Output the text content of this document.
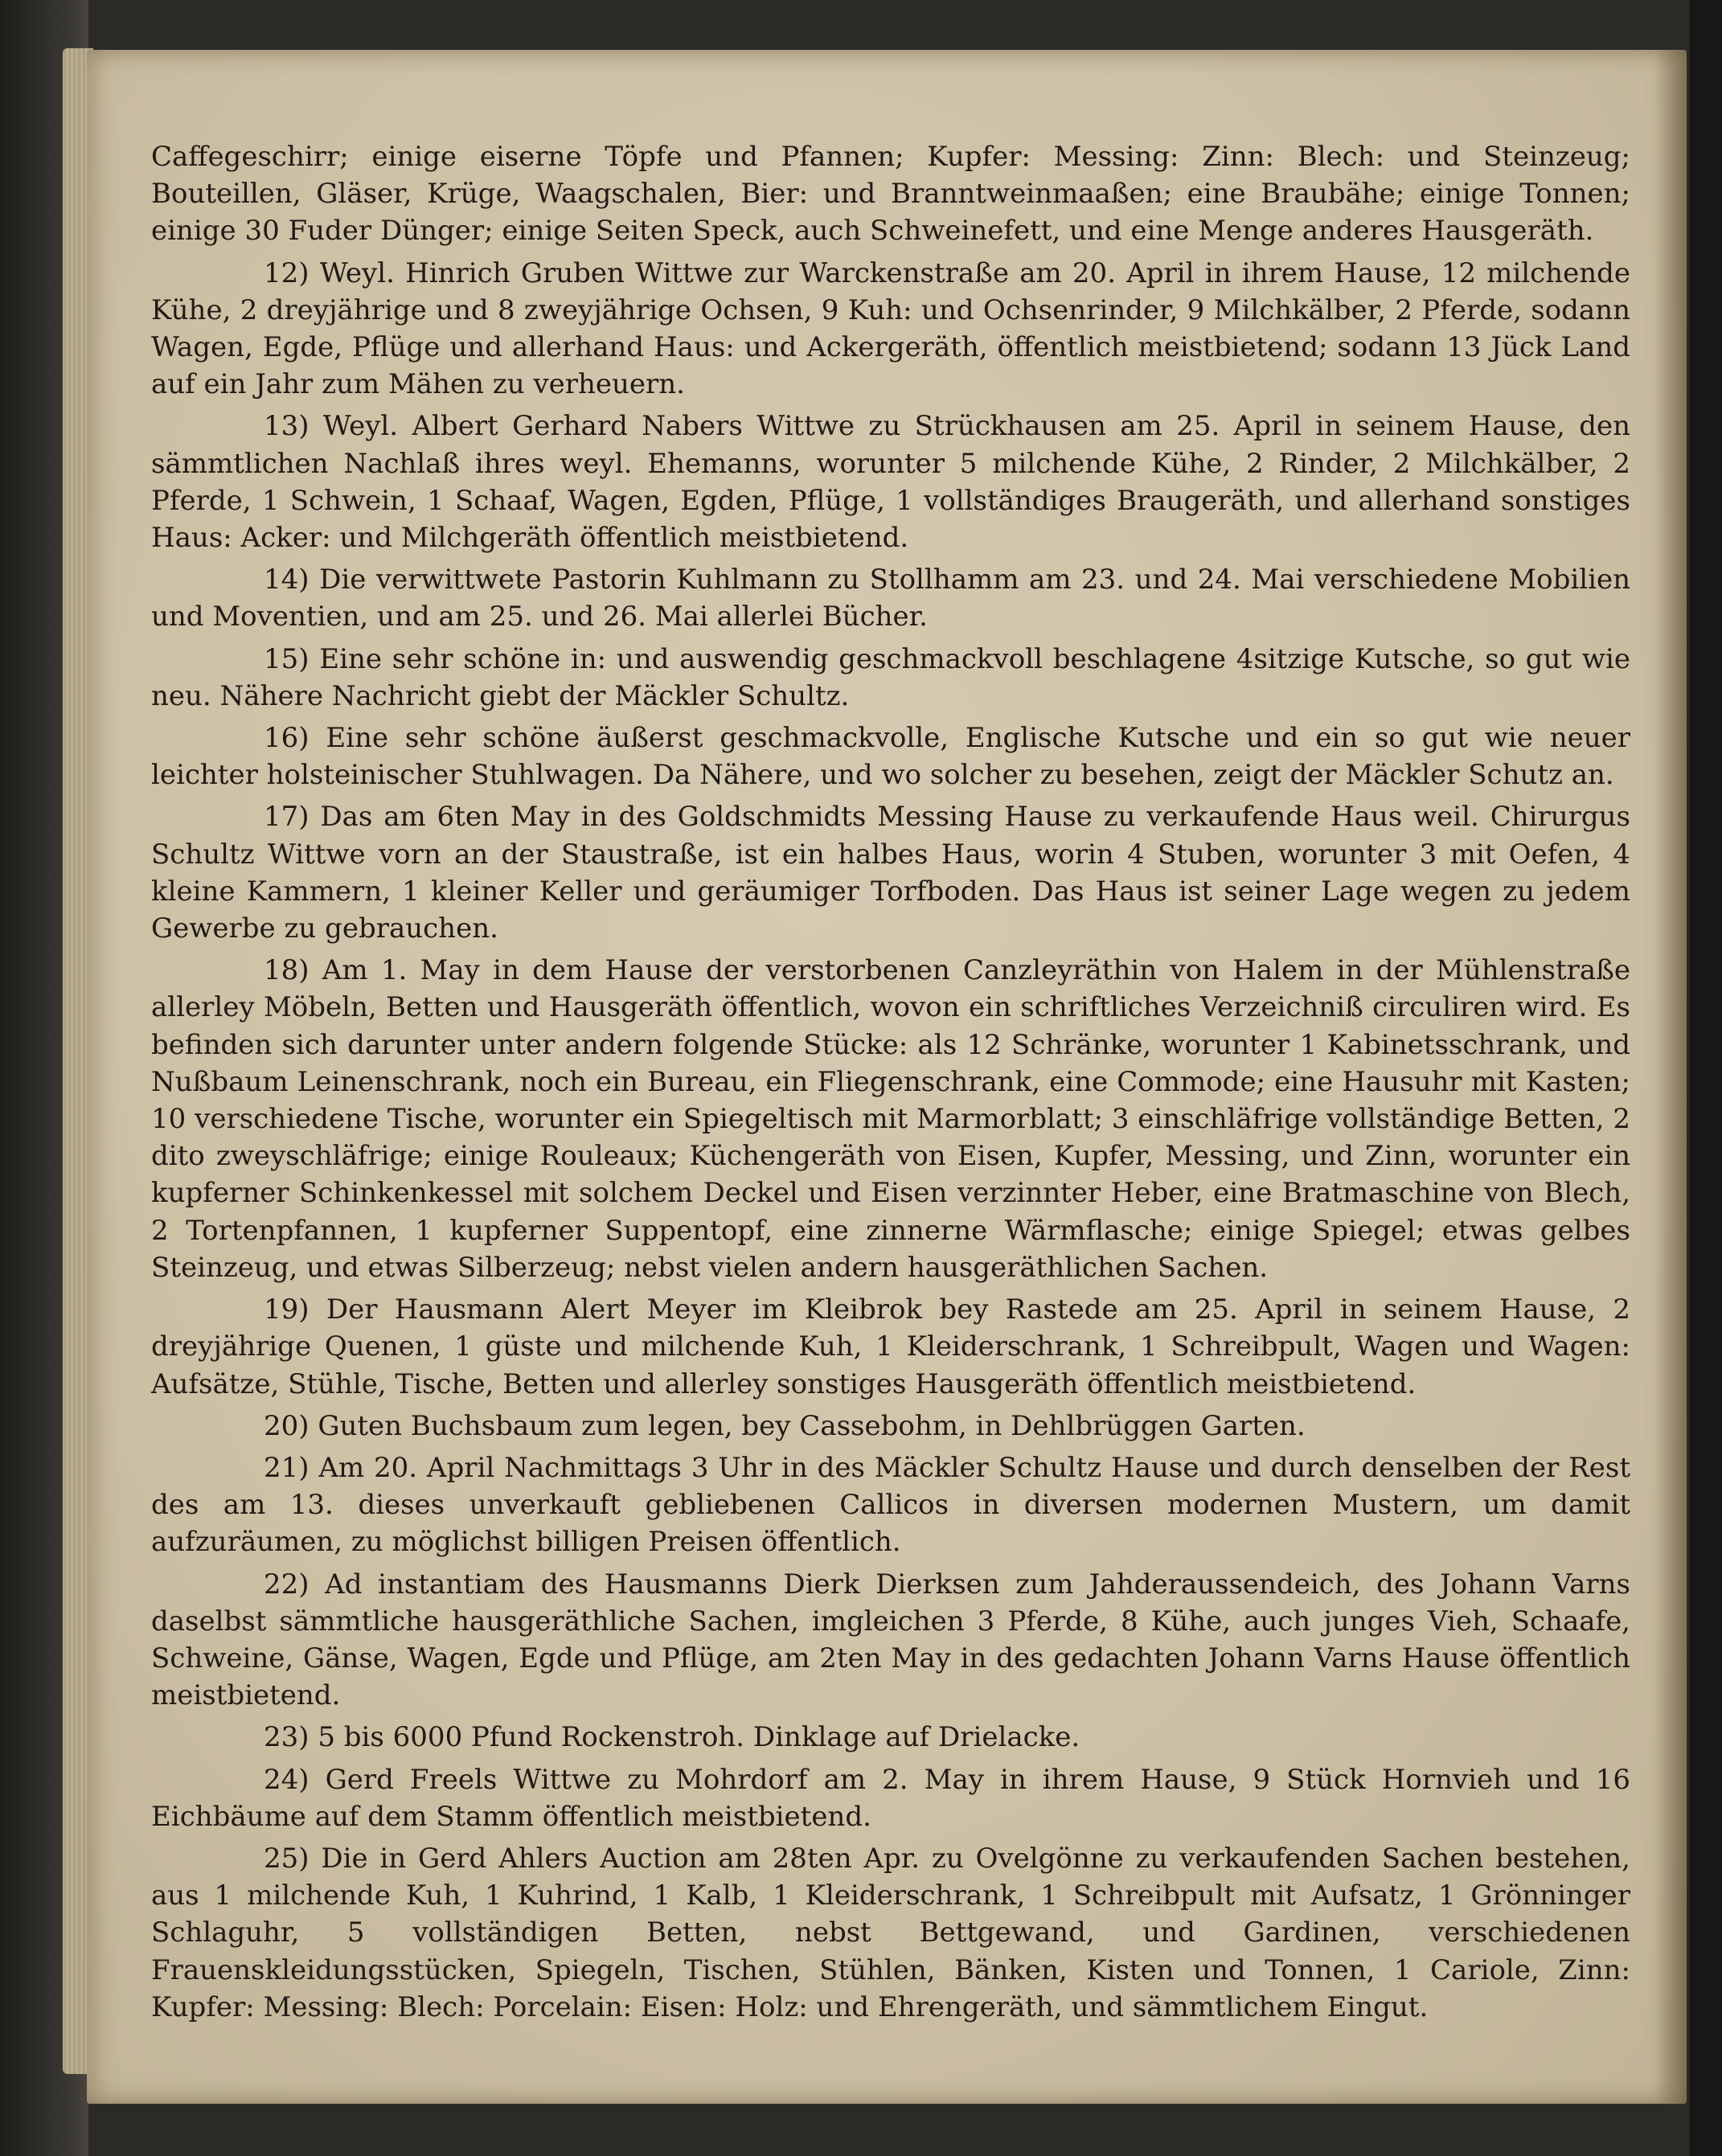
Caffegeschirr; einige eiserne Töpfe und Pfannen; Kupfer: Messing: Zinn: Blech: und Steinzeug; Bouteillen, Gläser, Krüge, Waagschalen, Bier: und Branntweinmaaßen; eine Braubähe; einige Tonnen; einige 30 Fuder Dünger; einige Seiten Speck, auch Schweinefett, und eine Menge anderes Hausgeräth.

12) Weyl. Hinrich Gruben Wittwe zur Warckenstraße am 20. April in ihrem Hause, 12 milchende Kühe, 2 dreyjährige und 8 zweyjährige Ochsen, 9 Kuh: und Ochsenrinder, 9 Milchkälber, 2 Pferde, sodann Wagen, Egde, Pflüge und allerhand Haus: und Ackergeräth, öffentlich meistbietend; sodann 13 Jück Land auf ein Jahr zum Mähen zu verheuern.

13) Weyl. Albert Gerhard Nabers Wittwe zu Strückhausen am 25. April in seinem Hause, den sämmtlichen Nachlaß ihres weyl. Ehemanns, worunter 5 milchende Kühe, 2 Rinder, 2 Milchkälber, 2 Pferde, 1 Schwein, 1 Schaaf, Wagen, Egden, Pflüge, 1 vollständiges Braugeräth, und allerhand sonstiges Haus: Acker: und Milchgeräth öffentlich meistbietend.

14) Die verwittwete Pastorin Kuhlmann zu Stollhamm am 23. und 24. Mai verschiedene Mobilien und Moventien, und am 25. und 26. Mai allerlei Bücher.

15) Eine sehr schöne in: und auswendig geschmackvoll beschlagene 4sitzige Kutsche, so gut wie neu. Nähere Nachricht giebt der Mäckler Schultz.

16) Eine sehr schöne äußerst geschmackvolle, Englische Kutsche und ein so gut wie neuer leichter holsteinischer Stuhlwagen. Da Nähere, und wo solcher zu besehen, zeigt der Mäckler Schutz an.

17) Das am 6ten May in des Goldschmidts Messing Hause zu verkaufende Haus weil. Chirurgus Schultz Wittwe vorn an der Staustraße, ist ein halbes Haus, worin 4 Stuben, worunter 3 mit Oefen, 4 kleine Kammern, 1 kleiner Keller und geräumiger Torfboden. Das Haus ist seiner Lage wegen zu jedem Gewerbe zu gebrauchen.

18) Am 1. May in dem Hause der verstorbenen Canzleyräthin von Halem in der Mühlenstraße allerley Möbeln, Betten und Hausgeräth öffentlich, wovon ein schriftliches Verzeichniß circuliren wird. Es befinden sich darunter unter andern folgende Stücke: als 12 Schränke, worunter 1 Kabinetsschrank, und Nußbaum Leinenschrank, noch ein Bureau, ein Fliegenschrank, eine Commode; eine Hausuhr mit Kasten; 10 verschiedene Tische, worunter ein Spiegeltisch mit Marmorblatt; 3 einschläfrige vollständige Betten, 2 dito zweyschläfrige; einige Rouleaux; Küchengeräth von Eisen, Kupfer, Messing, und Zinn, worunter ein kupferner Schinkenkessel mit solchem Deckel und Eisen verzinnter Heber, eine Bratmaschine von Blech, 2 Tortenpfannen, 1 kupferner Suppentopf, eine zinnerne Wärmflasche; einige Spiegel; etwas gelbes Steinzeug, und etwas Silberzeug; nebst vielen andern hausgeräthlichen Sachen.

19) Der Hausmann Alert Meyer im Kleibrok bey Rastede am 25. April in seinem Hause, 2 dreyjährige Quenen, 1 güste und milchende Kuh, 1 Kleiderschrank, 1 Schreibpult, Wagen und Wagen: Aufsätze, Stühle, Tische, Betten und allerley sonstiges Hausgeräth öffentlich meistbietend.

20) Guten Buchsbaum zum legen, bey Cassebohm, in Dehlbrüggen Garten.

21) Am 20. April Nachmittags 3 Uhr in des Mäckler Schultz Hause und durch denselben der Rest des am 13. dieses unverkauft gebliebenen Callicos in diversen modernen Mustern, um damit aufzuräumen, zu möglichst billigen Preisen öffentlich.

22) Ad instantiam des Hausmanns Dierk Dierksen zum Jahderaussendeich, des Johann Varns daselbst sämmtliche hausgeräthliche Sachen, imgleichen 3 Pferde, 8 Kühe, auch junges Vieh, Schaafe, Schweine, Gänse, Wagen, Egde und Pflüge, am 2ten May in des gedachten Johann Varns Hause öffentlich meistbietend.

23) 5 bis 6000 Pfund Rockenstroh. Dinklage auf Drielacke.

24) Gerd Freels Wittwe zu Mohrdorf am 2. May in ihrem Hause, 9 Stück Hornvieh und 16 Eichbäume auf dem Stamm öffentlich meistbietend.

25) Die in Gerd Ahlers Auction am 28ten Apr. zu Ovelgönne zu verkaufenden Sachen bestehen, aus 1 milchende Kuh, 1 Kuhrind, 1 Kalb, 1 Kleiderschrank, 1 Schreibpult mit Aufsatz, 1 Grönninger Schlaguhr, 5 vollständigen Betten, nebst Bettgewand, und Gardinen, verschiedenen Frauenskleidungsstücken, Spiegeln, Tischen, Stühlen, Bänken, Kisten und Tonnen, 1 Cariole, Zinn: Kupfer: Messing: Blech: Porcelain: Eisen: Holz: und Ehrengeräth, und sämmtlichem Eingut.
